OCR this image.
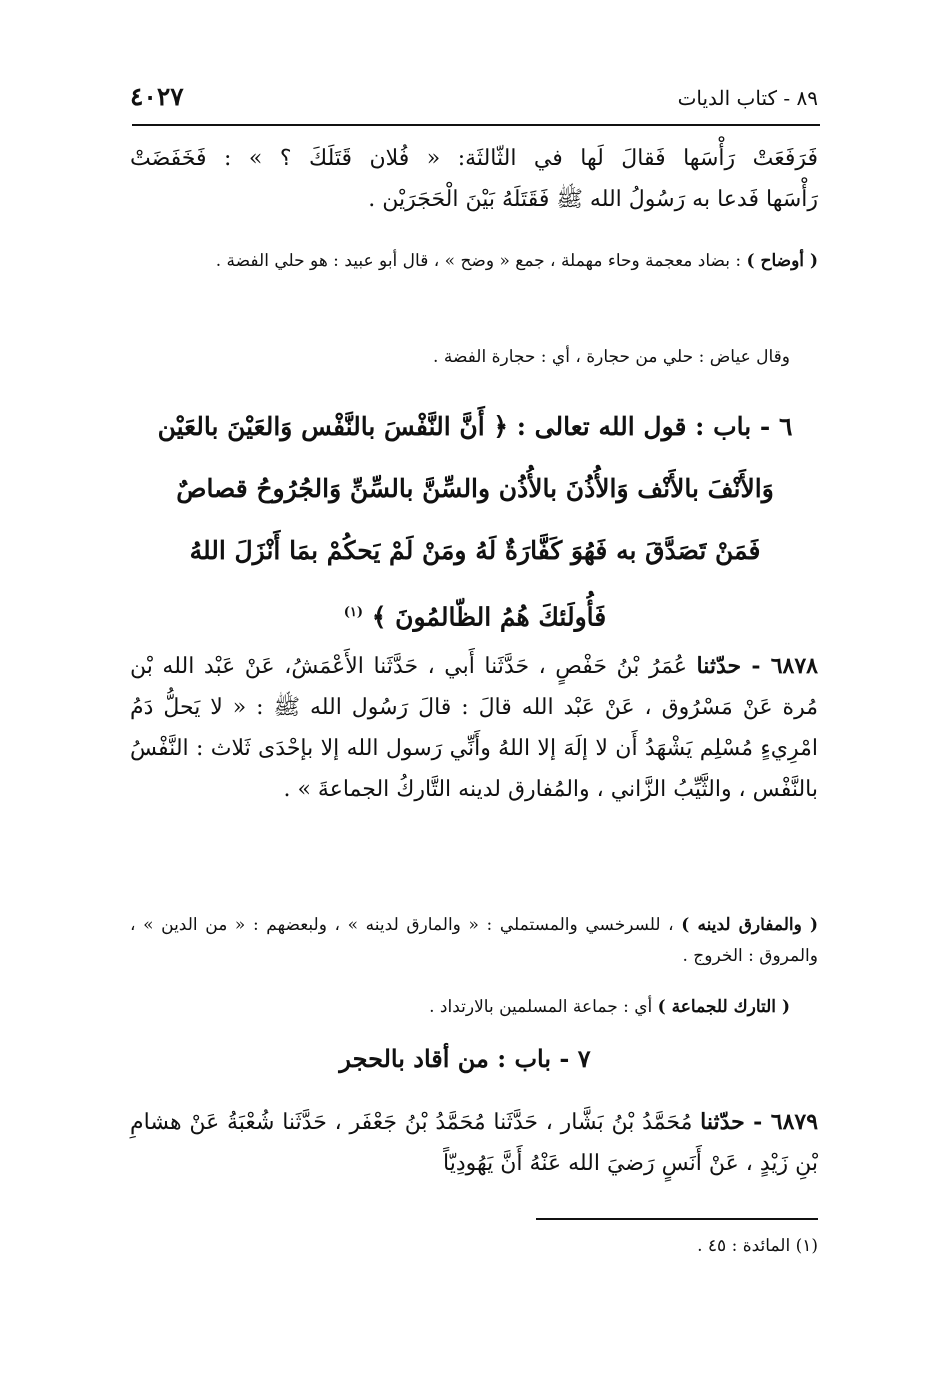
٤٠٢٧	٨٩ - كتاب الديات
فَرَفَعَتْ رَأْسَها فَقالَ لَها في الثّالثَة: « فُلان قَتَلَكَ ؟ » : فَخَفَضَتْ
رَأْسَها فَدعا به رَسُولُ الله ﷺ فَقَتَلَهُ بَيْنَ الْحَجَرَيْن .
( أوضاح ) : بضاد معجمة وحاء مهملة ، جمع « وضح » ، قال أبو عبيد : هو حلي الفضة .
وقال عياض : حلي من حجارة ، أي : حجارة الفضة .
٦ - باب : قول الله تعالى : ﴿ أَنَّ النَّفْسَ بالنَّفْس وَالعَيْنَ بالعَيْن
وَالأَنْفَ بالأَنْف وَالأُذُنَ بالأُذُن والسِّنَّ بالسِّنِّ وَالجُرُوحُ قصاصٌ
فَمَنْ تَصَدَّقَ به فَهُوَ كَفَّارَةٌ لَهُ ومَنْ لَمْ يَحكُمْ بمَا أَنْزَلَ اللهُ
فَأُولَئكَ هُمُ الظّالمُونَ ﴾ $^{(١)}$
٦٨٧٨ - حدّثنا عُمَرُ بْنُ حَفْصٍ ، حَدَّثَنا أَبي ، حَدَّثَنا الأَعْمَشُ، عَنْ عَبْد الله بْن مُرة عَنْ مَسْرُوق ، عَنْ عَبْد الله قالَ : قالَ رَسُول الله ﷺ : « لا يَحلُّ دَمُ امْرِيءٍ مُسْلِم يَشْهَدُ أَن لا إلَهَ إلا اللهُ وأَنِّي رَسول الله إلا بإحْدَى ثَلاث : النَّفْسُ بالنَّفْس ، والثَّيِّبُ الزَّاني ، والمُفارق لدينه التَّاركُ الجماعةَ » .
( والمفارق لدينه ) ، للسرخسي والمستملي : « والمارق لدينه » ، ولبعضهم : « من الدين » ، والمروق : الخروج .
( التارك للجماعة ) أي : جماعة المسلمين بالارتداد .
٧ - باب : من أقاد بالحجر
٦٨٧٩ - حدّثنا مُحَمَّدُ بْنُ بَشَّار ، حَدَّثَنا مُحَمَّدُ بْنُ جَعْفَر ، حَدَّثَنا شُعْبَةُ عَنْ هشامِ بْنِ زَيْدٍ ، عَنْ أَنَسٍ رَضيَ الله عَنْهُ أَنَّ يَهُودِيّاً
(١) المائدة : ٤٥ .
